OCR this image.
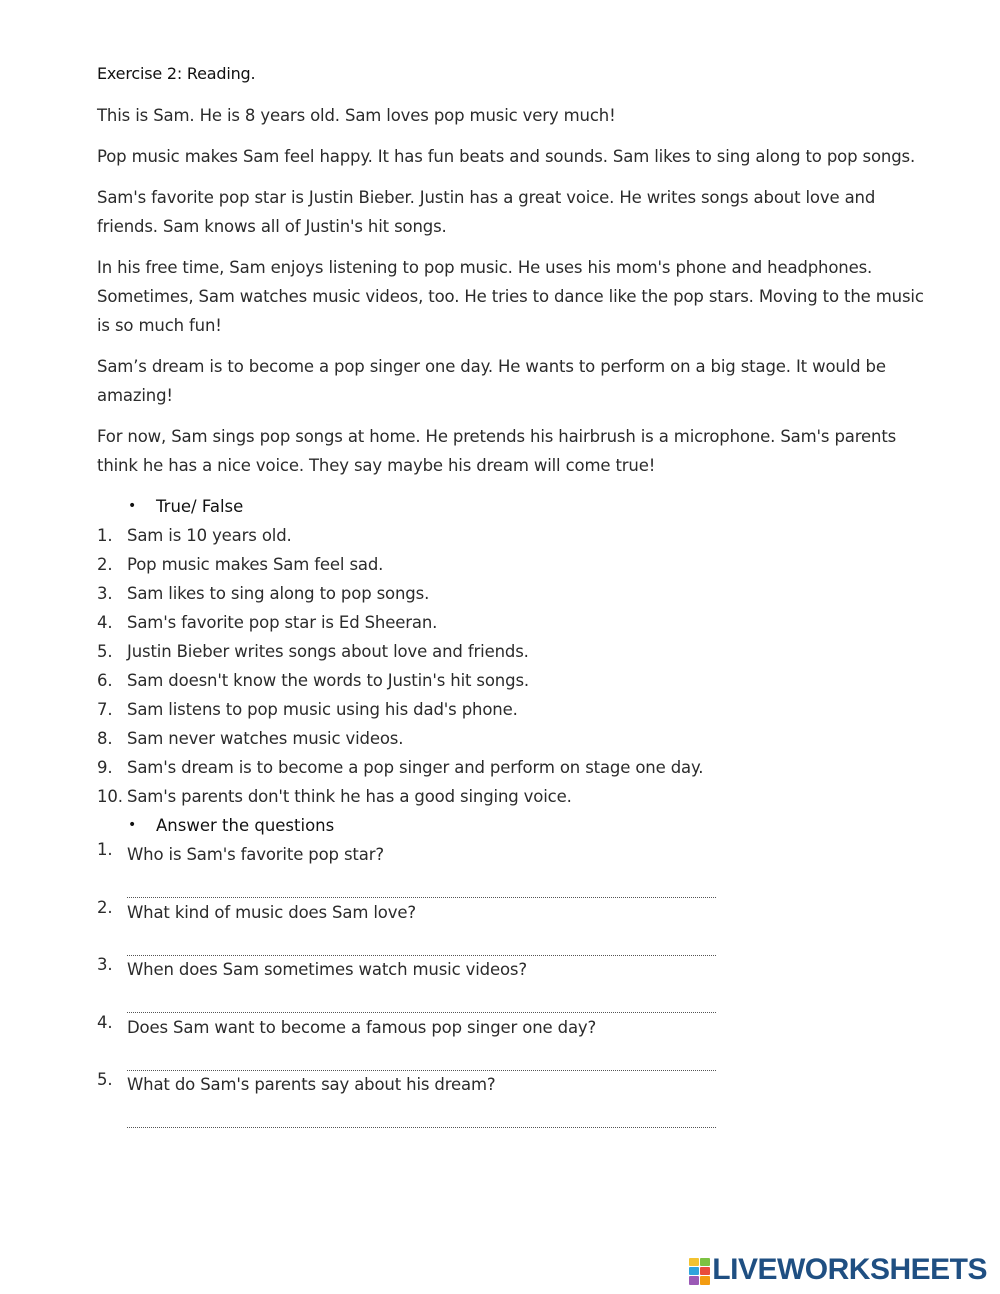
Exercise 2: Reading.
This is Sam. He is 8 years old. Sam loves pop music very much!
Pop music makes Sam feel happy. It has fun beats and sounds. Sam likes to sing along to pop songs.
Sam's favorite pop star is Justin Bieber. Justin has a great voice. He writes songs about love and
friends. Sam knows all of Justin's hit songs.
In his free time, Sam enjoys listening to pop music. He uses his mom's phone and headphones.
Sometimes, Sam watches music videos, too. He tries to dance like the pop stars. Moving to the music
is so much fun!
Sam’s dream is to become a pop singer one day. He wants to perform on a big stage. It would be
amazing!
For now, Sam sings pop songs at home. He pretends his hairbrush is a microphone. Sam's parents
think he has a nice voice. They say maybe his dream will come true!
• True/ False
1. Sam is 10 years old.
2. Pop music makes Sam feel sad.
3. Sam likes to sing along to pop songs.
4. Sam's favorite pop star is Ed Sheeran.
5. Justin Bieber writes songs about love and friends.
6. Sam doesn't know the words to Justin's hit songs.
7. Sam listens to pop music using his dad's phone.
8. Sam never watches music videos.
9. Sam's dream is to become a pop singer and perform on stage one day.
10. Sam's parents don't think he has a good singing voice.
• Answer the questions
1. Who is Sam's favorite pop star?
2. What kind of music does Sam love?
3. When does Sam sometimes watch music videos?
4. Does Sam want to become a famous pop singer one day?
5. What do Sam's parents say about his dream?
LIVEWORKSHEETS
